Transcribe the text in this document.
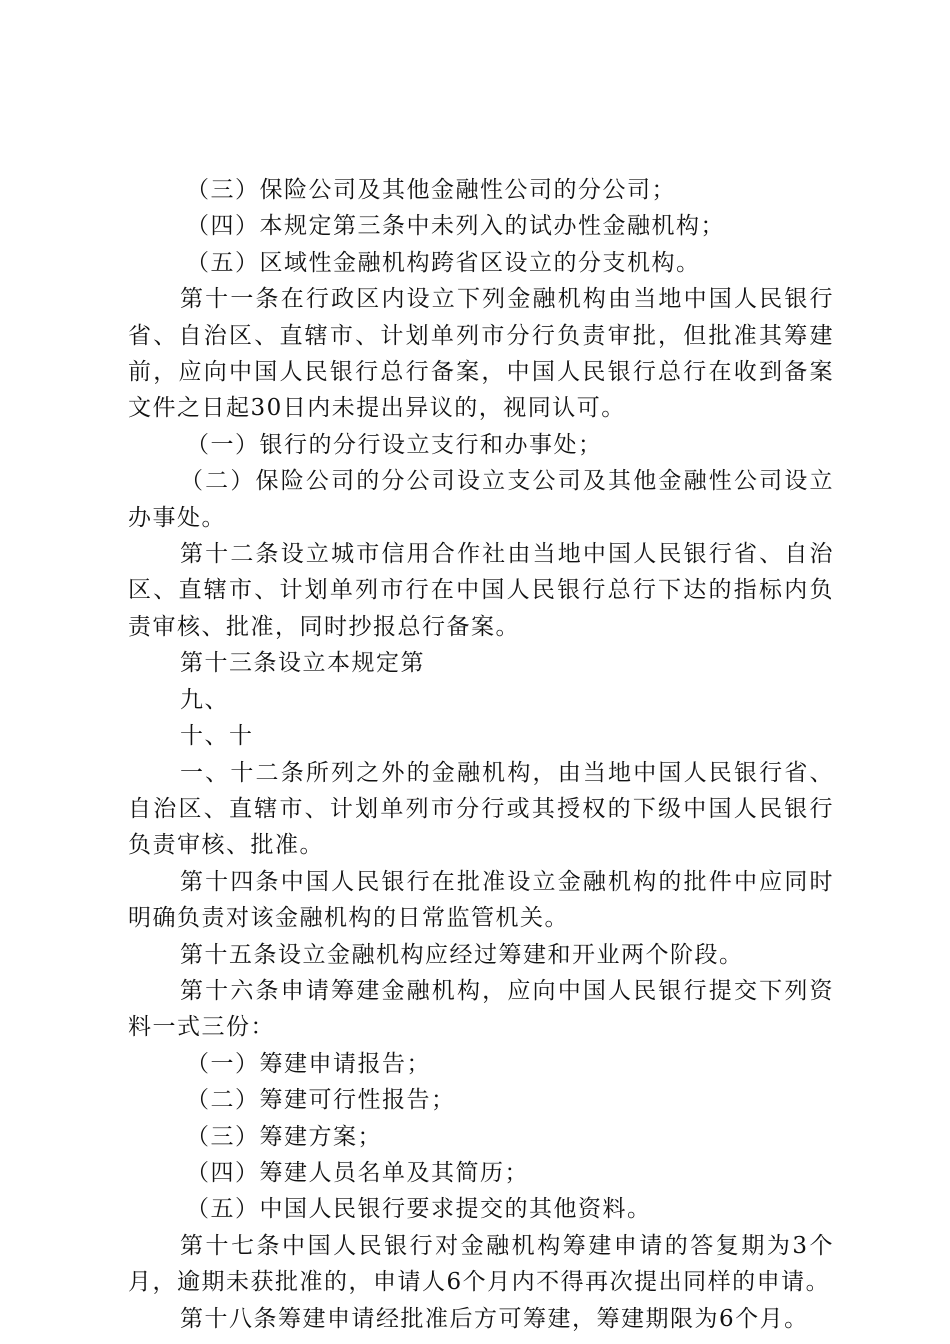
（三）保险公司及其他金融性公司的分公司；

（四）本规定第三条中未列入的试办性金融机构；

（五）区域性金融机构跨省区设立的分支机构。

第十一条在行政区内设立下列金融机构由当地中国人民银行省、自治区、直辖市、计划单列市分行负责审批，但批准其筹建前，应向中国人民银行总行备案，中国人民银行总行在收到备案文件之日起30日内未提出异议的，视同认可。

（一）银行的分行设立支行和办事处；

（二）保险公司的分公司设立支公司及其他金融性公司设立办事处。

第十二条设立城市信用合作社由当地中国人民银行省、自治区、直辖市、计划单列市行在中国人民银行总行下达的指标内负责审核、批准，同时抄报总行备案。

第十三条设立本规定第

九、

十、十

一、十二条所列之外的金融机构，由当地中国人民银行省、自治区、直辖市、计划单列市分行或其授权的下级中国人民银行负责审核、批准。

第十四条中国人民银行在批准设立金融机构的批件中应同时明确负责对该金融机构的日常监管机关。

第十五条设立金融机构应经过筹建和开业两个阶段。

第十六条申请筹建金融机构，应向中国人民银行提交下列资料一式三份：

（一）筹建申请报告；

（二）筹建可行性报告；

（三）筹建方案；

（四）筹建人员名单及其简历；

（五）中国人民银行要求提交的其他资料。

第十七条中国人民银行对金融机构筹建申请的答复期为3个月，逾期未获批准的，申请人6个月内不得再次提出同样的申请。

第十八条筹建申请经批准后方可筹建，筹建期限为6个月。
